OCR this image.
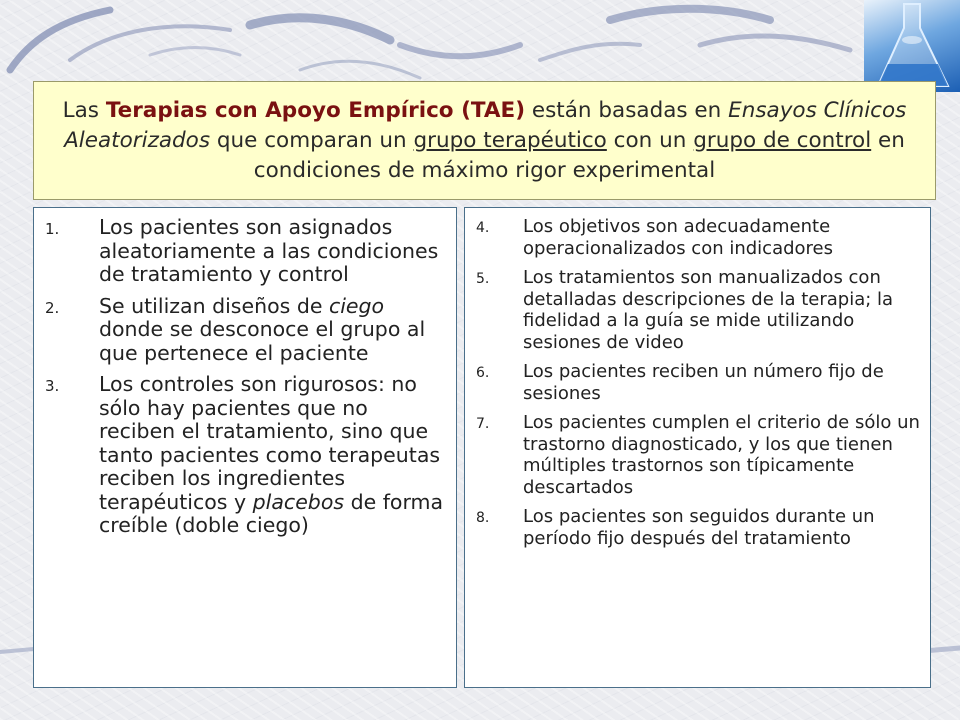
Las Terapias con Apoyo Empírico (TAE) están basadas en Ensayos Clínicos Aleatorizados que comparan un grupo terapéutico con un grupo de control en condiciones de máximo rigor experimental
1. Los pacientes son asignados aleatoriamente a las condiciones de tratamiento y control
2. Se utilizan diseños de ciego donde se desconoce el grupo al que pertenece el paciente
3. Los controles son rigurosos: no sólo hay pacientes que no reciben el tratamiento, sino que tanto pacientes como terapeutas reciben los ingredientes terapéuticos y placebos de forma creíble (doble ciego)
4. Los objetivos son adecuadamente operacionalizados con indicadores
5. Los tratamientos son manualizados con detalladas descripciones de la terapia; la fidelidad a la guía se mide utilizando sesiones de video
6. Los pacientes reciben un número fijo de sesiones
7. Los pacientes cumplen el criterio de sólo un trastorno diagnosticado, y los que tienen múltiples trastornos son típicamente descartados
8. Los pacientes son seguidos durante un período fijo después del tratamiento
